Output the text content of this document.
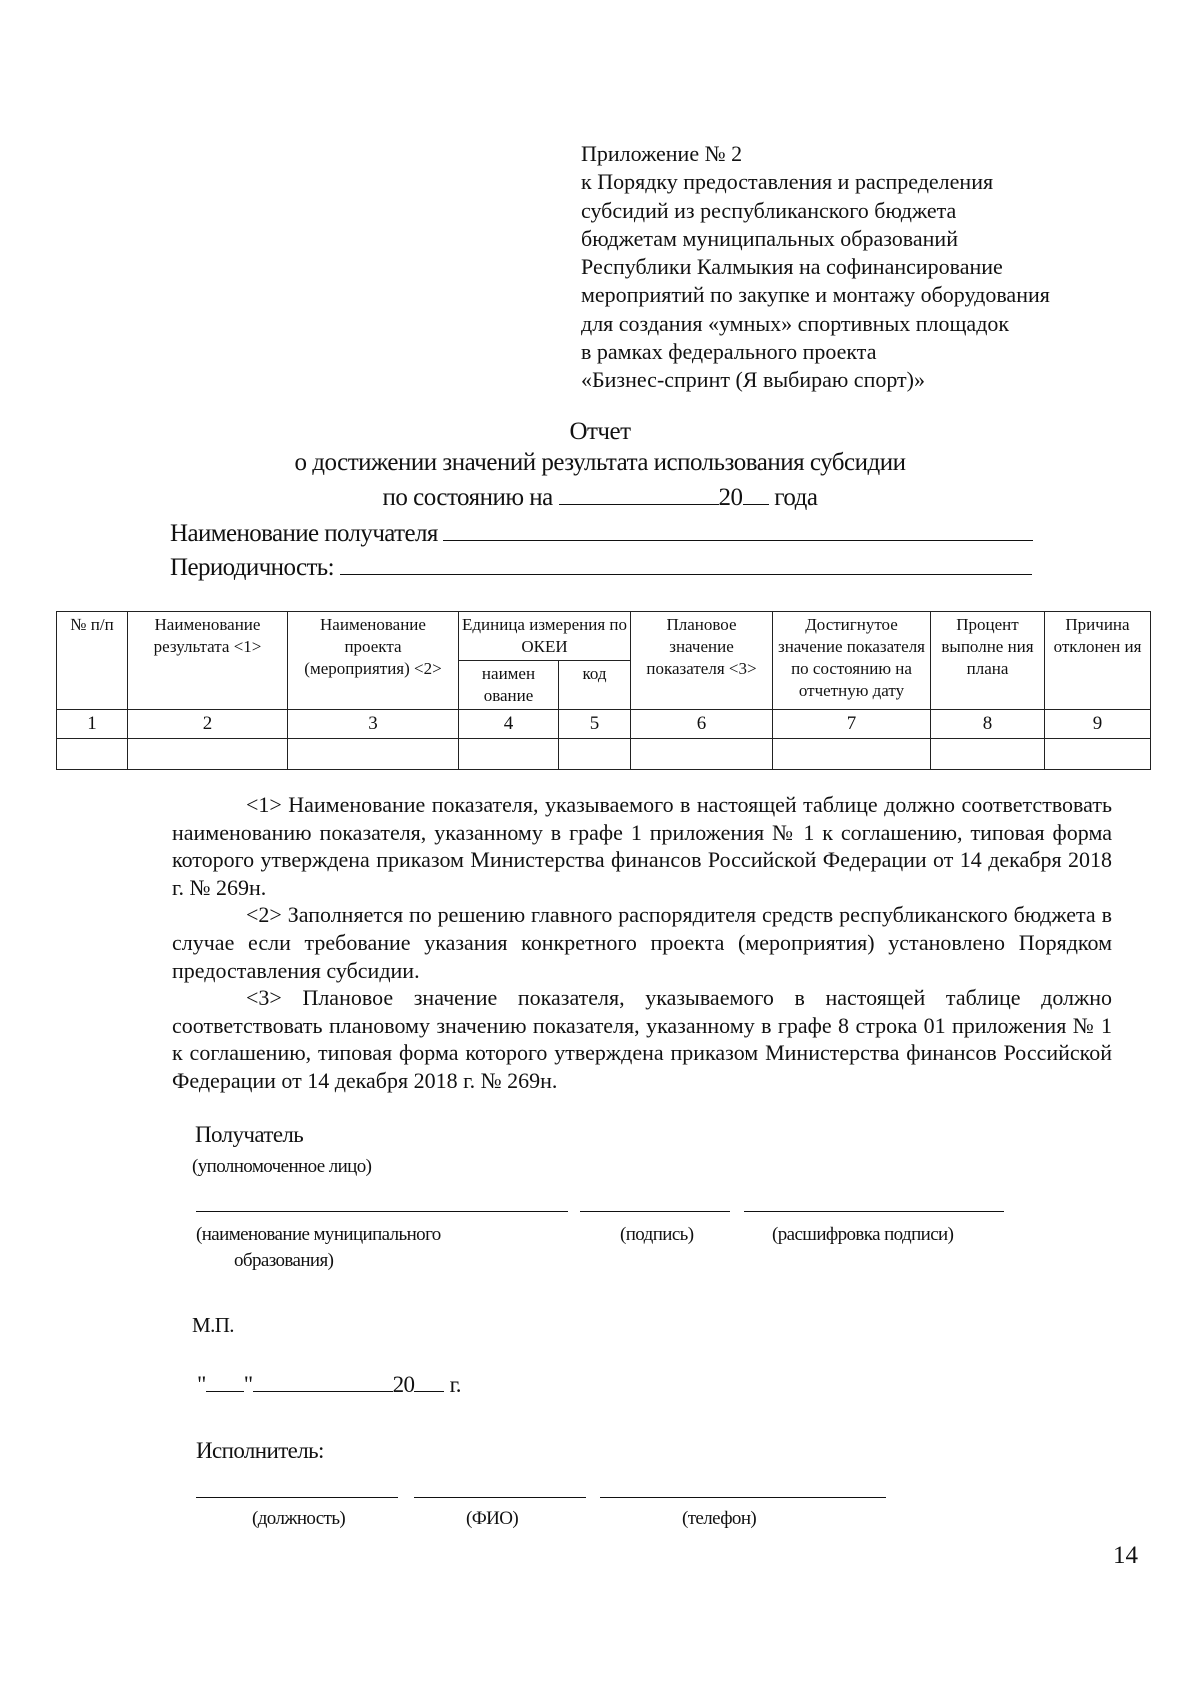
Приложение № 2
к Порядку предоставления и распределения
субсидий из республиканского бюджета
бюджетам муниципальных образований
Республики Калмыкия на софинансирование
мероприятий по закупке и монтажу оборудования
для создания «умных» спортивных площадок
в рамках федерального проекта
«Бизнес-спринт (Я выбираю спорт)»
Отчет
о достижении значений результата использования субсидии
по состоянию на	20 года
Наименование получателя
Периодичность:
№ п/п	Наименование результата <1>	Наименование проекта (мероприятия) <2>	Единица измерения по ОКЕИ		Плановое значение показателя <3>	Достигнутое значение показателя по состоянию на отчетную дату	Процент выполне ния плана	Причина отклонен ия
			наимен ование	код				
1	2	3	4	5	6	7	8	9

<1> Наименование показателя, указываемого в настоящей таблице должно соответствовать наименованию показателя, указанному в графе 1 приложения № 1 к соглашению, типовая форма которого утверждена приказом Министерства финансов Российской Федерации от 14 декабря 2018 г. № 269н.

<2> Заполняется по решению главного распорядителя средств республиканского бюджета в случае если требование указания конкретного проекта (мероприятия) установлено Порядком предоставления субсидии.

<3> Плановое значение показателя, указываемого в настоящей таблице должно соответствовать плановому значению показателя, указанному в графе 8 строка 01 приложения № 1 к соглашению, типовая форма которого утверждена приказом Министерства финансов Российской Федерации от 14 декабря 2018 г. № 269н.

Получатель
(уполномоченное лицо)
(наименование муниципального
образования)
(подпись)	(расшифровка подписи)
М.П.
" "	20 г.
Исполнитель:
(должность)	(ФИО)	(телефон)
14
